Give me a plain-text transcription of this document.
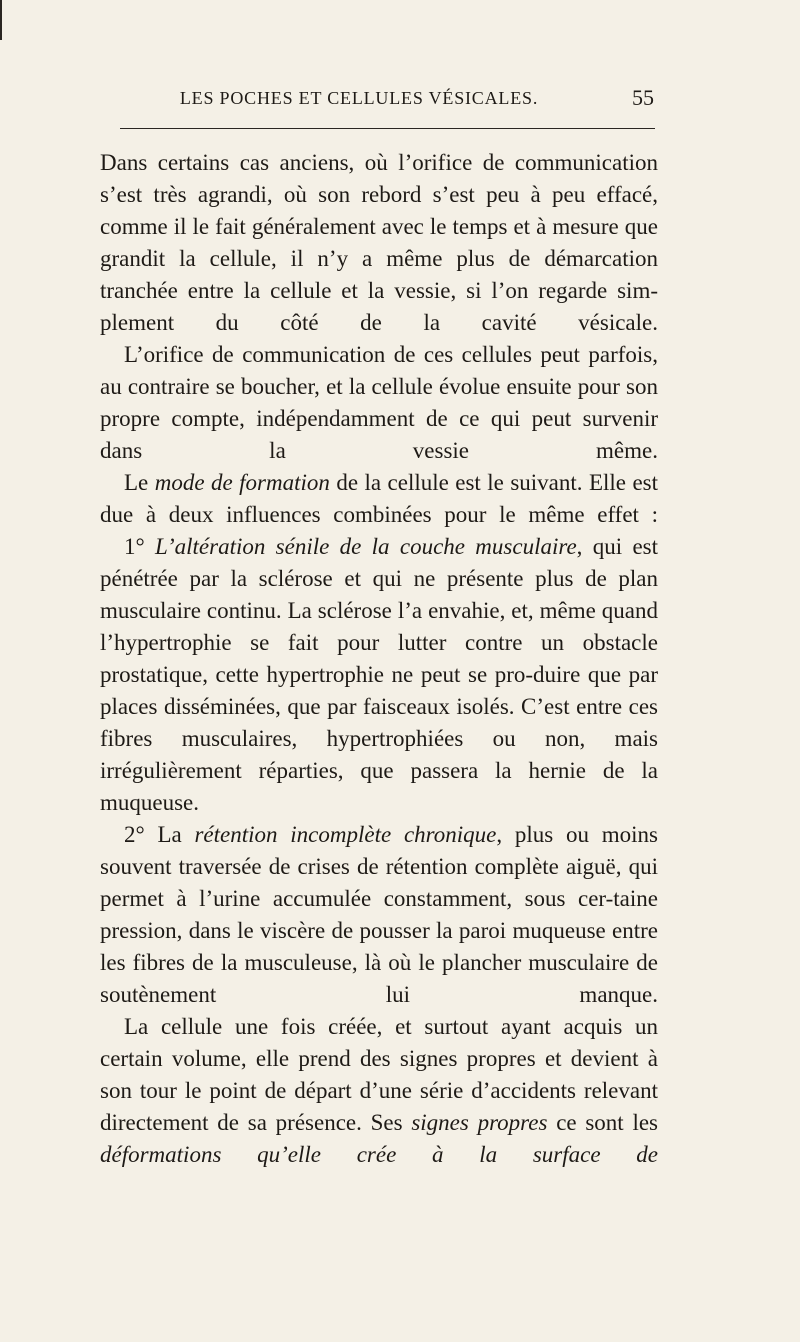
LES POCHES ET CELLULES VÉSICALES.	55

Dans certains cas anciens, où l’orifice de communication s’est très agrandi, où son rebord s’est peu à peu effacé, comme il le fait généralement avec le temps et à mesure que grandit la cellule, il n’y a même plus de démarcation tranchée entre la cellule et la vessie, si l’on regarde sim-plement du côté de la cavité vésicale.

L’orifice de communication de ces cellules peut parfois, au contraire se boucher, et la cellule évolue ensuite pour son propre compte, indépendamment de ce qui peut survenir dans la vessie même.

Le mode de formation de la cellule est le suivant. Elle est due à deux influences combinées pour le même effet :

1° L’altération sénile de la couche musculaire, qui est pénétrée par la sclérose et qui ne présente plus de plan musculaire continu. La sclérose l’a envahie, et, même quand l’hypertrophie se fait pour lutter contre un obstacle prostatique, cette hypertrophie ne peut se pro-duire que par places disséminées, que par faisceaux isolés. C’est entre ces fibres musculaires, hypertrophiées ou non, mais irrégulièrement réparties, que passera la hernie de la muqueuse.

2° La rétention incomplète chronique, plus ou moins souvent traversée de crises de rétention complète aiguë, qui permet à l’urine accumulée constamment, sous cer-taine pression, dans le viscère de pousser la paroi muqueuse entre les fibres de la musculeuse, là où le plancher musculaire de soutènement lui manque.

La cellule une fois créée, et surtout ayant acquis un certain volume, elle prend des signes propres et devient à son tour le point de départ d’une série d’accidents relevant directement de sa présence. Ses signes propres ce sont les déformations qu’elle crée à la surface de
